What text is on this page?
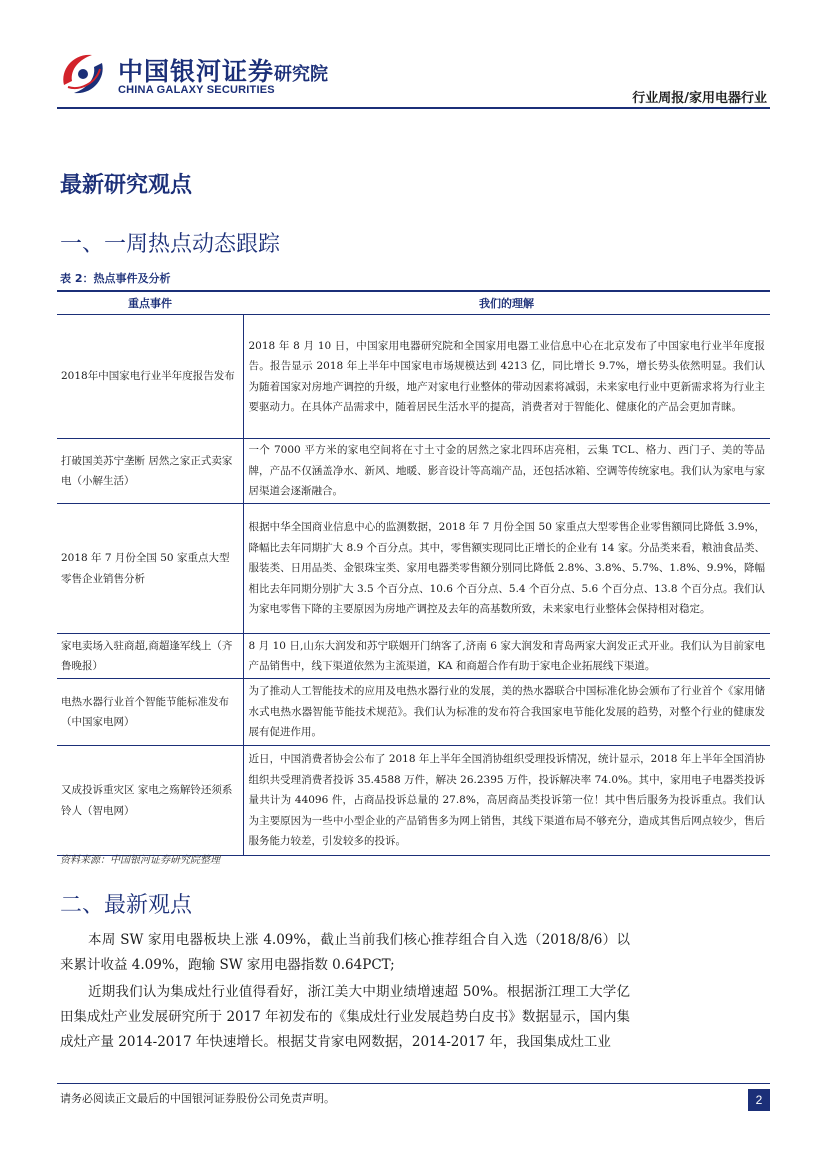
中国银河证券
CHINA GALAXY SECURITIES
研究院
行业周报/家用电器行业
最新研究观点
一、一周热点动态跟踪
表 2：热点事件及分析
重点事件	我们的理解
2018年中国家电行业半年度报告发布	2018 年 8 月 10 日，中国家用电器研究院和全国家用电器工业信息中心在北京发布了中国家电行业半年度报告。报告显示 2018 年上半年中国家电市场规模达到 4213 亿，同比增长 9.7%，增长势头依然明显。我们认为随着国家对房地产调控的升级，地产对家电行业整体的带动因素将减弱，未来家电行业中更新需求将为行业主要驱动力。在具体产品需求中，随着居民生活水平的提高，消费者对于智能化、健康化的产品会更加青睐。
打破国美苏宁垄断 居然之家正式卖家电（小解生活）	一个 7000 平方米的家电空间将在寸土寸金的居然之家北四环店亮相，云集 TCL、格力、西门子、美的等品牌，产品不仅涵盖净水、新风、地暖、影音设计等高端产品，还包括冰箱、空调等传统家电。我们认为家电与家居渠道会逐渐融合。
2018 年 7 月份全国 50 家重点大型零售企业销售分析	根据中华全国商业信息中心的监测数据，2018 年 7 月份全国 50 家重点大型零售企业零售额同比降低 3.9%，降幅比去年同期扩大 8.9 个百分点。其中，零售额实现同比正增长的企业有 14 家。分品类来看，粮油食品类、服装类、日用品类、金银珠宝类、家用电器类零售额分别同比降低 2.8%、3.8%、5.7%、1.8%、9.9%，降幅相比去年同期分别扩大 3.5 个百分点、10.6 个百分点、5.4 个百分点、5.6 个百分点、13.8 个百分点。我们认为家电零售下降的主要原因为房地产调控及去年的高基数所致，未来家电行业整体会保持相对稳定。
家电卖场入驻商超,商超逢军线上（齐鲁晚报）	8 月 10 日,山东大润发和苏宁联姻开门纳客了,济南 6 家大润发和青岛两家大润发正式开业。我们认为目前家电产品销售中，线下渠道依然为主流渠道，KA 和商超合作有助于家电企业拓展线下渠道。
电热水器行业首个智能节能标准发布（中国家电网）	为了推动人工智能技术的应用及电热水器行业的发展，美的热水器联合中国标准化协会颁布了行业首个《家用储水式电热水器智能节能技术规范》。我们认为标准的发布符合我国家电节能化发展的趋势，对整个行业的健康发展有促进作用。
又成投诉重灾区 家电之殇解铃还须系铃人（智电网）	近日，中国消费者协会公布了 2018 年上半年全国消协组织受理投诉情况，统计显示，2018 年上半年全国消协组织共受理消费者投诉 35.4588 万件，解决 26.2395 万件，投诉解决率 74.0%。其中，家用电子电器类投诉量共计为 44096 件，占商品投诉总量的 27.8%，高居商品类投诉第一位！其中售后服务为投诉重点。我们认为主要原因为一些中小型企业的产品销售多为网上销售，其线下渠道布局不够充分，造成其售后网点较少，售后服务能力较差，引发较多的投诉。
资料来源：中国银河证券研究院整理
二、最新观点
本周 SW 家用电器板块上涨 4.09%，截止当前我们核心推荐组合自入选（2018/8/6）以来累计收益 4.09%，跑输 SW 家用电器指数 0.64PCT;
近期我们认为集成灶行业值得看好，浙江美大中期业绩增速超 50%。根据浙江理工大学亿田集成灶产业发展研究所于 2017 年初发布的《集成灶行业发展趋势白皮书》数据显示，国内集成灶产量 2014-2017 年快速增长。根据艾肯家电网数据，2014-2017 年，我国集成灶工业
请务必阅读正文最后的中国银河证券股份公司免责声明。	2
